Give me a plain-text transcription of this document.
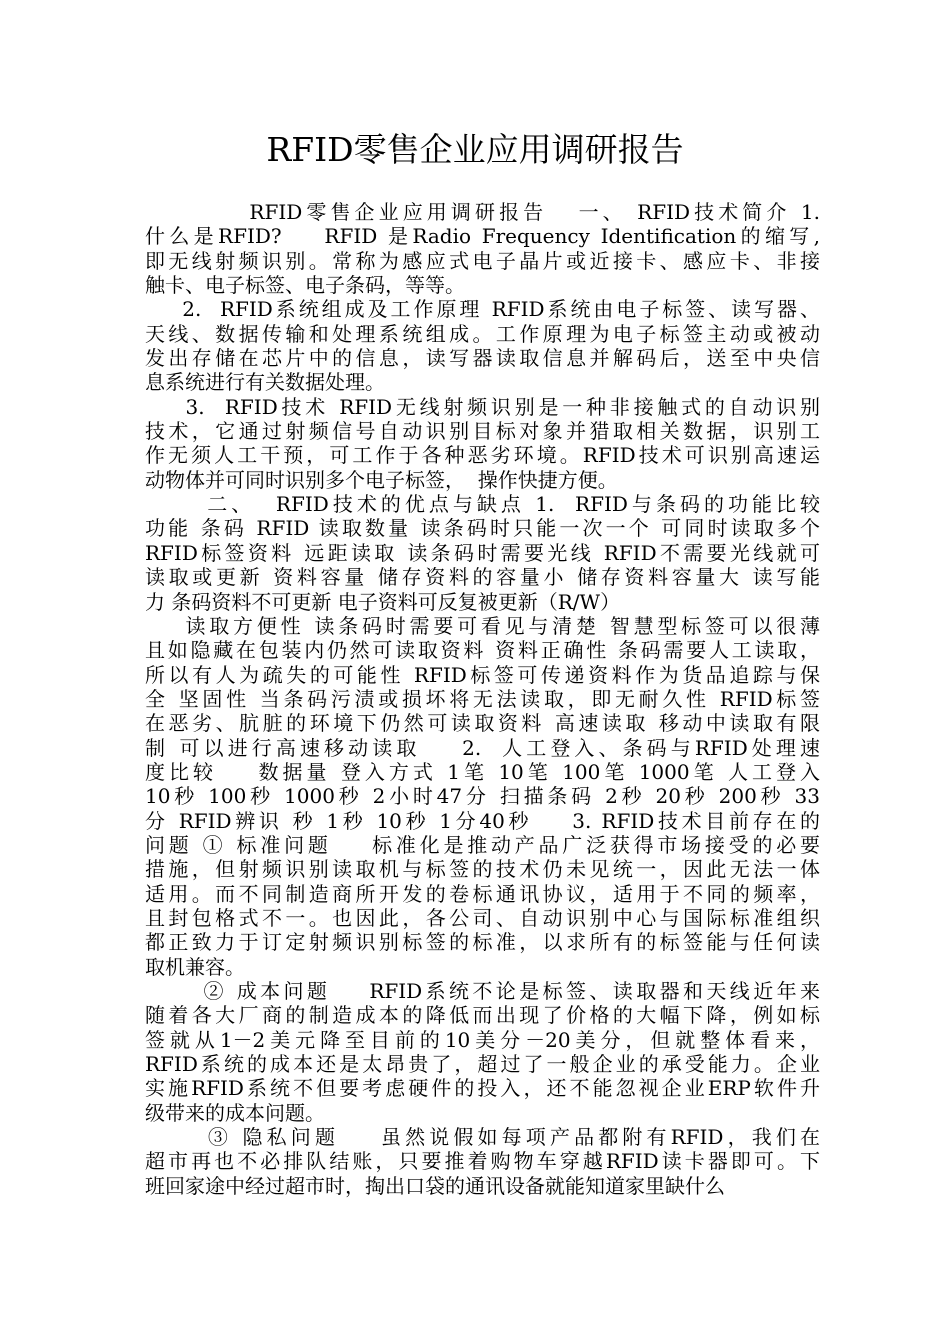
RFID零售企业应用调研报告
RFID零售企业应用调研报告   一、 RFID技术简介 1.
什么是RFID?    RFID 是Radio Frequency Identification的缩写,
即无线射频识别。常称为感应式电子晶片或近接卡、感应卡、非接
触卡、电子标签、电子条码，等等。
2.  RFID系统组成及工作原理 RFID系统由电子标签、读写器、
天线、数据传输和处理系统组成。工作原理为电子标签主动或被动
发出存储在芯片中的信息，读写器读取信息并解码后，送至中央信
息系统进行有关数据处理。
3.  RFID技术 RFID无线射频识别是一种非接触式的自动识别
技术，它通过射频信号自动识别目标对象并猎取相关数据，识别工
作无须人工干预，可工作于各种恶劣环境。RFID技术可识别高速运
动物体并可同时识别多个电子标签，  操作快捷方便。
二、  RFID技术的优点与缺点 1.  RFID与条码的功能比较
功能 条码 RFID 读取数量 读条码时只能一次一个 可同时读取多个
RFID标签资料 远距读取 读条码时需要光线 RFID不需要光线就可
读取或更新 资料容量 储存资料的容量小 储存资料容量大 读写能
力 条码资料不可更新 电子资料可反复被更新（R/W）
读取方便性 读条码时需要可看见与清楚 智慧型标签可以很薄
且如隐藏在包装内仍然可读取资料 资料正确性 条码需要人工读取，
所以有人为疏失的可能性 RFID标签可传递资料作为货品追踪与保
全 坚固性 当条码污渍或损坏将无法读取，即无耐久性 RFID标签
在恶劣、肮脏的环境下仍然可读取资料 高速读取 移动中读取有限
制 可以进行高速移动读取    2.  人工登入、条码与RFID处理速
度比较    数据量 登入方式 1笔 10笔 100笔 1000笔 人工登入
10秒 100秒 1000秒 2小时47分 扫描条码 2秒 20秒 200秒 33
分 RFID辨识 秒 1秒 10秒 1分40秒    3. RFID技术目前存在的
问题 ① 标准问题    标准化是推动产品广泛获得市场接受的必要
措施，但射频识别读取机与标签的技术仍未见统一，因此无法一体
适用。而不同制造商所开发的卷标通讯协议，适用于不同的频率，
且封包格式不一。也因此，各公司、自动识别中心与国际标准组织
都正致力于订定射频识别标签的标准，以求所有的标签能与任何读
取机兼容。
② 成本问题    RFID系统不论是标签、读取器和天线近年来
随着各大厂商的制造成本的降低而出现了价格的大幅下降，例如标
签就从1－2美元降至目前的10美分－20美分，但就整体看来，
RFID系统的成本还是太昂贵了，超过了一般企业的承受能力。企业
实施RFID系统不但要考虑硬件的投入，还不能忽视企业ERP软件升
级带来的成本问题。
③ 隐私问题    虽然说假如每项产品都附有RFID，我们在
超市再也不必排队结账，只要推着购物车穿越RFID读卡器即可。下
班回家途中经过超市时，掏出口袋的通讯设备就能知道家里缺什么
